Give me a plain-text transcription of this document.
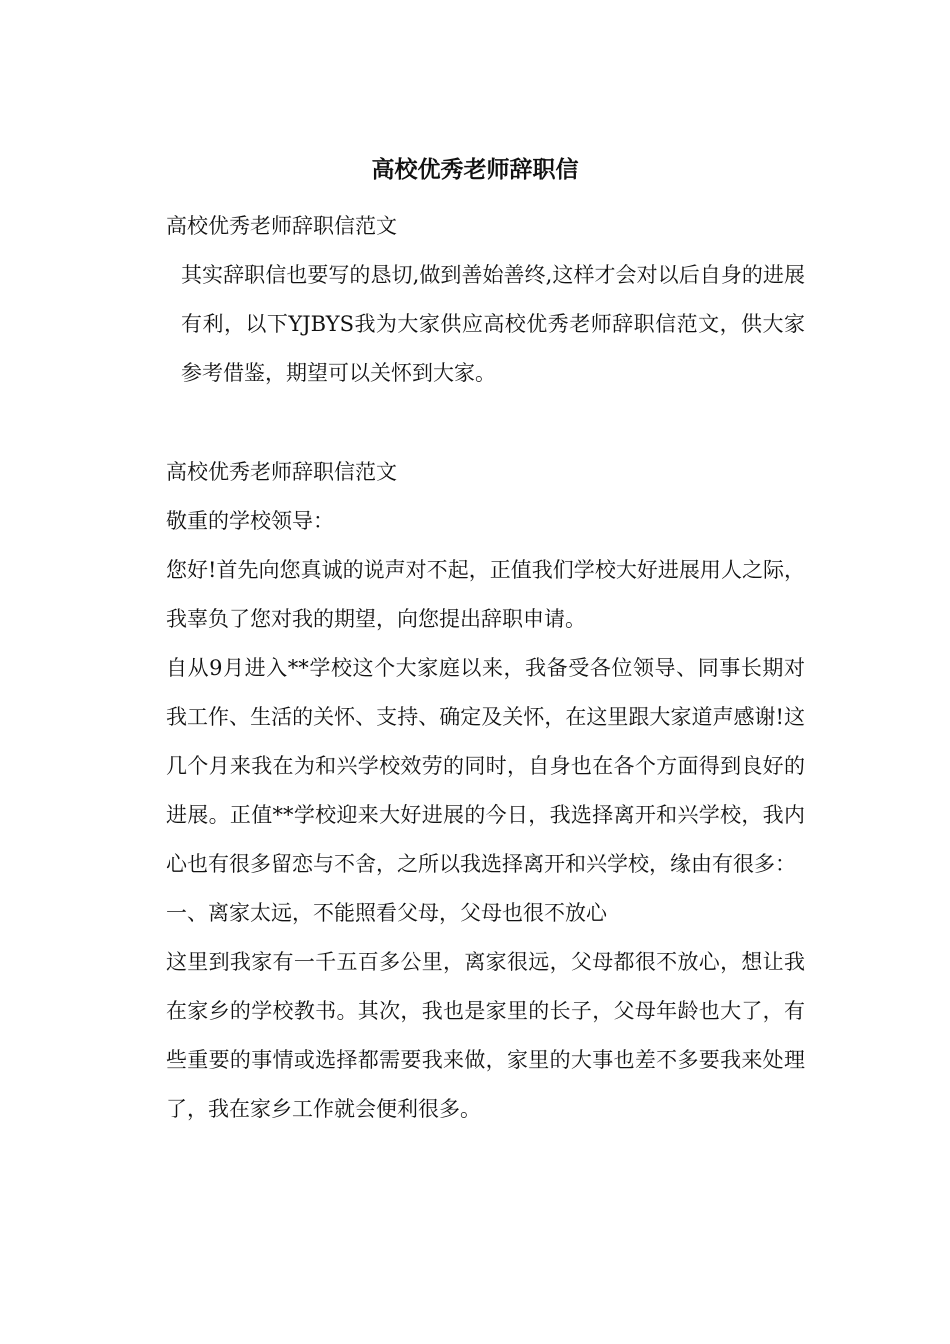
高校优秀老师辞职信

高校优秀老师辞职信范文

其实辞职信也要写的恳切,做到善始善终,这样才会对以后自身的进展有利，以下YJBYS我为大家供应高校优秀老师辞职信范文，供大家参考借鉴，期望可以关怀到大家。

高校优秀老师辞职信范文

敬重的学校领导：

您好!首先向您真诚的说声对不起，正值我们学校大好进展用人之际，我辜负了您对我的期望，向您提出辞职申请。

自从9月进入**学校这个大家庭以来，我备受各位领导、同事长期对我工作、生活的关怀、支持、确定及关怀，在这里跟大家道声感谢!这几个月来我在为和兴学校效劳的同时，自身也在各个方面得到良好的进展。正值**学校迎来大好进展的今日，我选择离开和兴学校，我内心也有很多留恋与不舍，之所以我选择离开和兴学校，缘由有很多：

一、离家太远，不能照看父母，父母也很不放心

这里到我家有一千五百多公里，离家很远，父母都很不放心，想让我在家乡的学校教书。其次，我也是家里的长子，父母年龄也大了，有些重要的事情或选择都需要我来做，家里的大事也差不多要我来处理了，我在家乡工作就会便利很多。
